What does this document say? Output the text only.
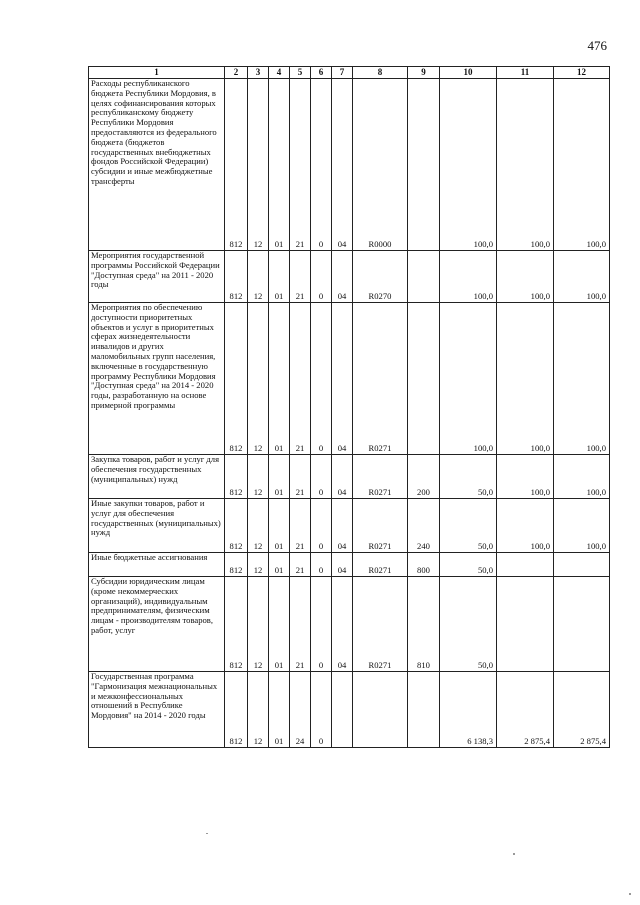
476
1	2	3	4	5	6	7	8	9	10	11	12
Расходы республиканского бюджета Республики Мордовия, в целях софинансирования которых республиканскому бюджету Республики Мордовия предоставляются из федерального бюджета (бюджетов государственных внебюджетных фондов Российской Федерации) субсидии и иные межбюджетные трансферты	812	12	01	21	0	04	R0000		100,0	100,0	100,0
Мероприятия государственной программы Российской Федерации "Доступная среда" на 2011 - 2020 годы	812	12	01	21	0	04	R0270		100,0	100,0	100,0
Мероприятия по обеспечению доступности приоритетных объектов и услуг в приоритетных сферах жизнедеятельности инвалидов и других маломобильных групп населения, включенные в государственную программу Республики Мордовия "Доступная среда" на 2014 - 2020 годы, разработанную на основе примерной программы	812	12	01	21	0	04	R0271		100,0	100,0	100,0
Закупка товаров, работ и услуг для обеспечения государственных (муниципальных) нужд	812	12	01	21	0	04	R0271	200	50,0	100,0	100,0
Иные закупки товаров, работ и услуг для обеспечения государственных (муниципальных) нужд	812	12	01	21	0	04	R0271	240	50,0	100,0	100,0
Иные бюджетные ассигнования	812	12	01	21	0	04	R0271	800	50,0		
Субсидии юридическим лицам (кроме некоммерческих организаций), индивидуальным предпринимателям, физическим лицам - производителям товаров, работ, услуг	812	12	01	21	0	04	R0271	810	50,0		
Государственная программа "Гармонизация межнациональных и межконфессиональных отношений в Республике Мордовия" на 2014 - 2020 годы	812	12	01	24	0				6 138,3	2 875,4	2 875,4
